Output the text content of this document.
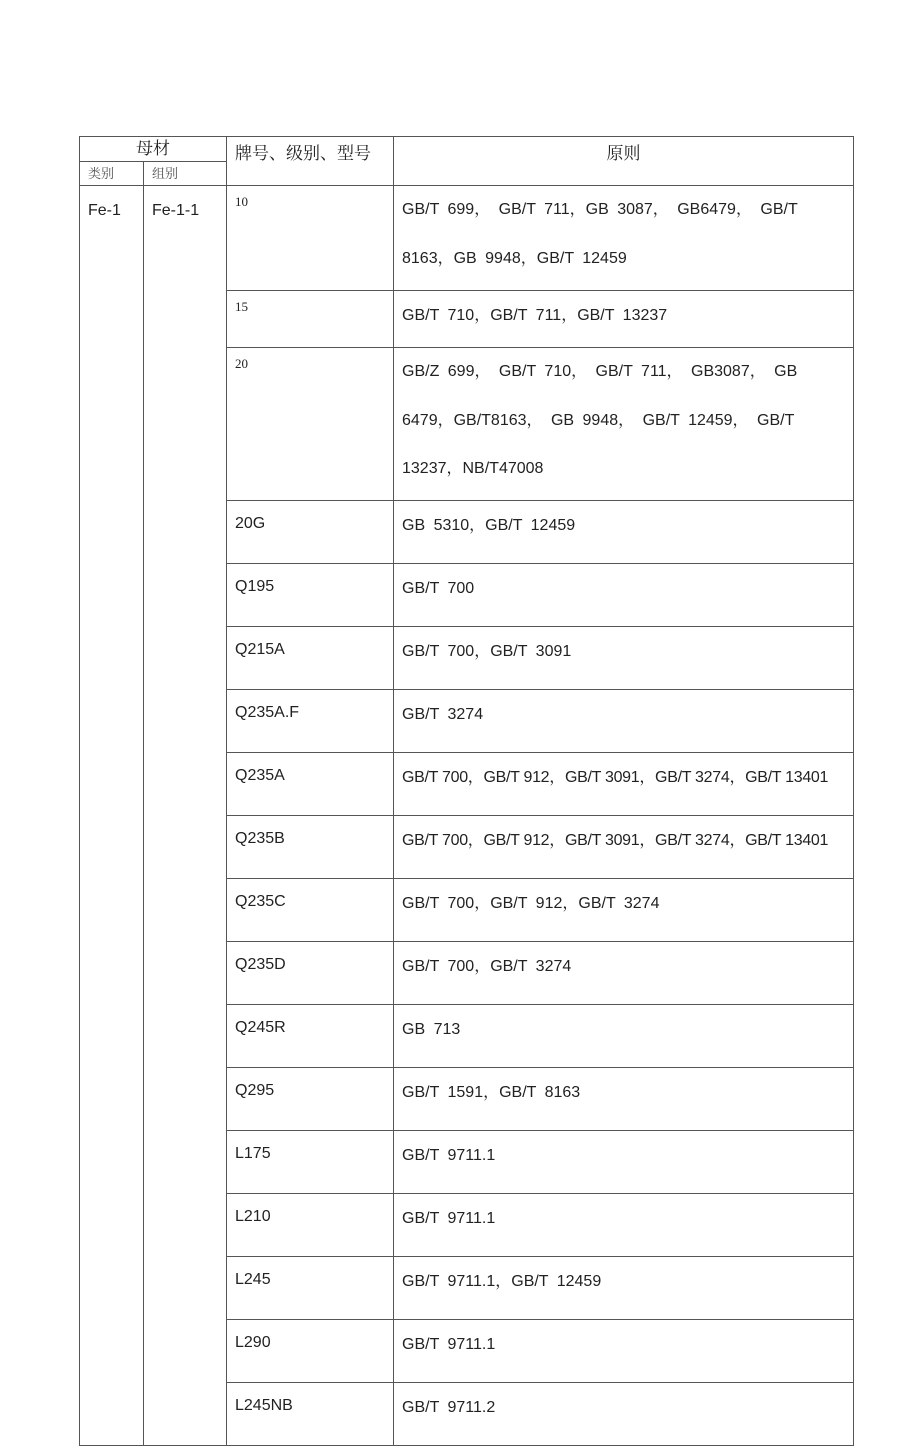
母材		牌号、级别、型号	原则
类别	组别		
Fe-1	Fe-1-1	10	GB/T 699， GB/T 711，GB 3087， GB6479， GB/T 8163，GB 9948，GB/T 12459
		15	GB/T 710，GB/T 711，GB/T 13237
		20	GB/Z 699， GB/T 710， GB/T 711， GB3087， GB 6479，GB/T8163， GB 9948， GB/T 12459， GB/T 13237，NB/T47008
		20G	GB 5310，GB/T 12459
		Q195	GB/T 700
		Q215A	GB/T 700，GB/T 3091
		Q235A.F	GB/T 3274
		Q235A	GB/T 700，GB/T 912，GB/T 3091，GB/T 3274，GB/T 13401
		Q235B	GB/T 700，GB/T 912，GB/T 3091，GB/T 3274，GB/T 13401
		Q235C	GB/T 700，GB/T 912，GB/T 3274
		Q235D	GB/T 700，GB/T 3274
		Q245R	GB 713
		Q295	GB/T 1591，GB/T 8163
		L175	GB/T 9711.1
		L210	GB/T 9711.1
		L245	GB/T 9711.1，GB/T 12459
		L290	GB/T 9711.1
		L245NB	GB/T 9711.2
